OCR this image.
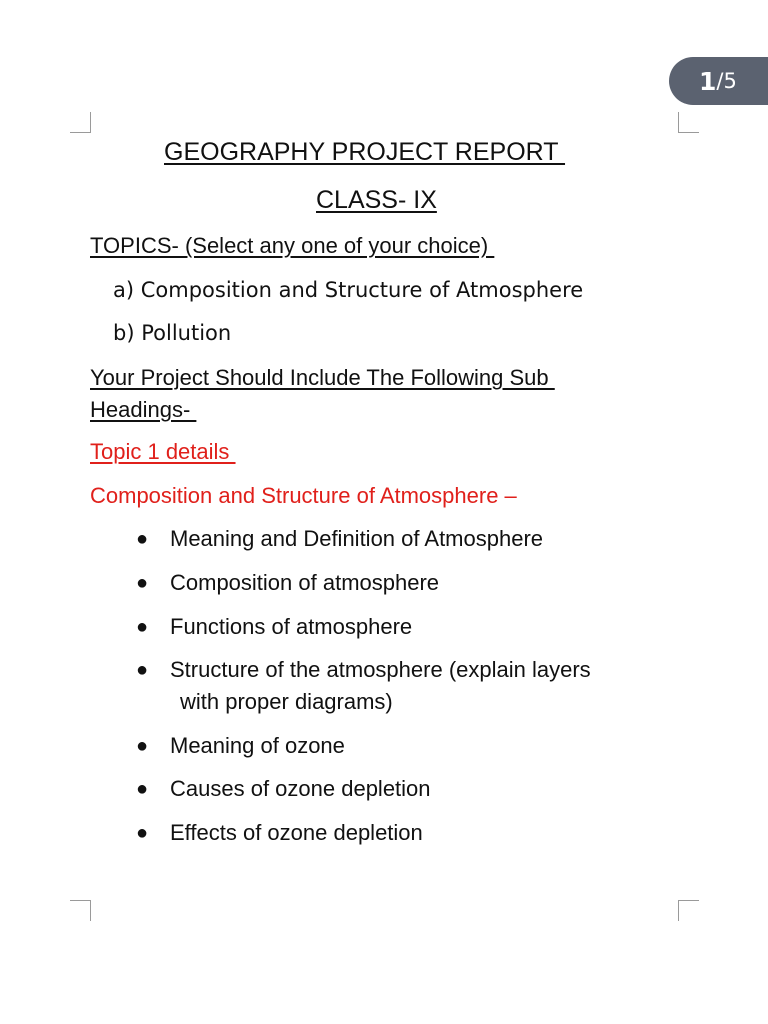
1 / 5
GEOGRAPHY PROJECT REPORT
CLASS- IX
TOPICS- (Select any one of your choice)
a) Composition and Structure of Atmosphere
b) Pollution
Your Project Should Include The Following Sub
Headings-
Topic 1 details
Composition and Structure of Atmosphere –
● Meaning and Definition of Atmosphere
● Composition of atmosphere
● Functions of atmosphere
● Structure of the atmosphere (explain layers
with proper diagrams)
● Meaning of ozone
● Causes of ozone depletion
● Effects of ozone depletion
